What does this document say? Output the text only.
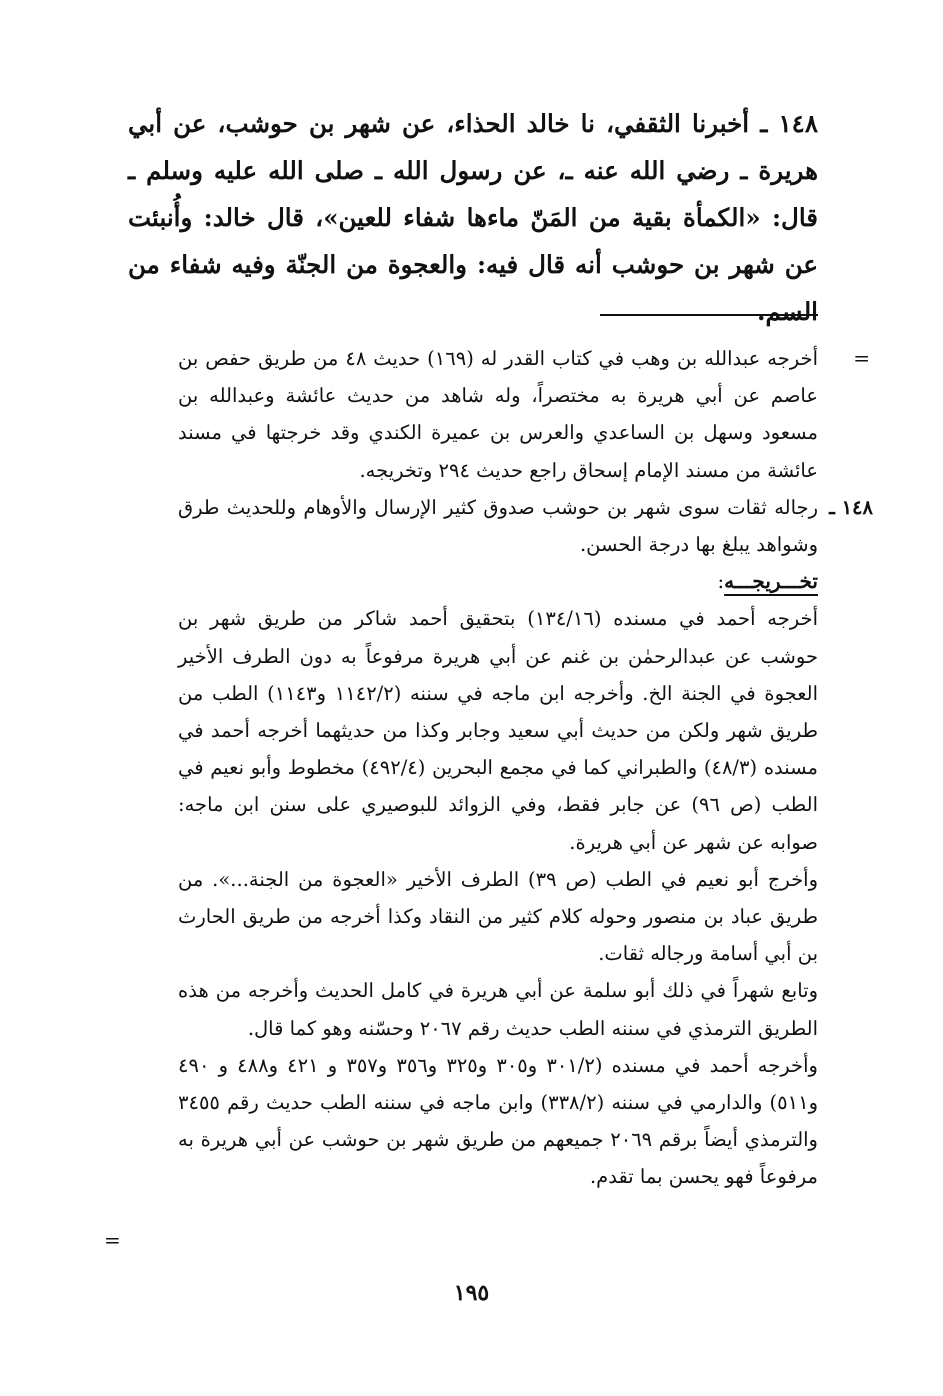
١٤٨ ـ أخبرنا الثقفي، نا خالد الحذاء، عن شهر بن حوشب، عن أبي هريرة ـ رضي الله عنه ـ، عن رسول الله ـ صلى الله عليه وسلم ـ قال: «الكمأة بقية من المَنّ ماءها شفاء للعين»، قال خالد: وأُنبئت عن شهر بن حوشب أنه قال فيه: والعجوة من الجنّة وفيه شفاء من السم.

=

أخرجه عبدالله بن وهب في كتاب القدر له (١٦٩) حديث ٤٨ من طريق حفص بن عاصم عن أبي هريرة به مختصراً، وله شاهد من حديث عائشة وعبدالله بن مسعود وسهل بن الساعدي والعرس بن عميرة الكندي وقد خرجتها في مسند عائشة من مسند الإمام إسحاق راجع حديث ٢٩٤ وتخريجه.

١٤٨ ـ

رجاله ثقات سوى شهر بن حوشب صدوق كثير الإرسال والأوهام وللحديث طرق وشواهد يبلغ بها درجة الحسن.

تخـــريجـــه:

أخرجه أحمد في مسنده (١٣٤/١٦) بتحقيق أحمد شاكر من طريق شهر بن حوشب عن عبدالرحمٰن بن غنم عن أبي هريرة مرفوعاً به دون الطرف الأخير العجوة في الجنة الخ. وأخرجه ابن ماجه في سننه (١١٤٢/٢ و١١٤٣) الطب من طريق شهر ولكن من حديث أبي سعيد وجابر وكذا من حديثهما أخرجه أحمد في مسنده (٤٨/٣) والطبراني كما في مجمع البحرين (٤٩٢/٤) مخطوط وأبو نعيم في الطب (ص ٩٦) عن جابر فقط، وفي الزوائد للبوصيري على سنن ابن ماجه: صوابه عن شهر عن أبي هريرة.

وأخرج أبو نعيم في الطب (ص ٣٩) الطرف الأخير «العجوة من الجنة...». من طريق عباد بن منصور وحوله كلام كثير من النقاد وكذا أخرجه من طريق الحارث بن أبي أسامة ورجاله ثقات.

وتابع شهراً في ذلك أبو سلمة عن أبي هريرة في كامل الحديث وأخرجه من هذه الطريق الترمذي في سننه الطب حديث رقم ٢٠٦٧ وحسّنه وهو كما قال.

وأخرجه أحمد في مسنده (٣٠١/٢ و٣٠٥ و٣٢٥ و٣٥٦ و٣٥٧ و ٤٢١ و٤٨٨ و ٤٩٠ و٥١١) والدارمي في سننه (٣٣٨/٢) وابن ماجه في سننه الطب حديث رقم ٣٤٥٥ والترمذي أيضاً برقم ٢٠٦٩ جميعهم من طريق شهر بن حوشب عن أبي هريرة به مرفوعاً فهو يحسن بما تقدم.

=
١٩٥
